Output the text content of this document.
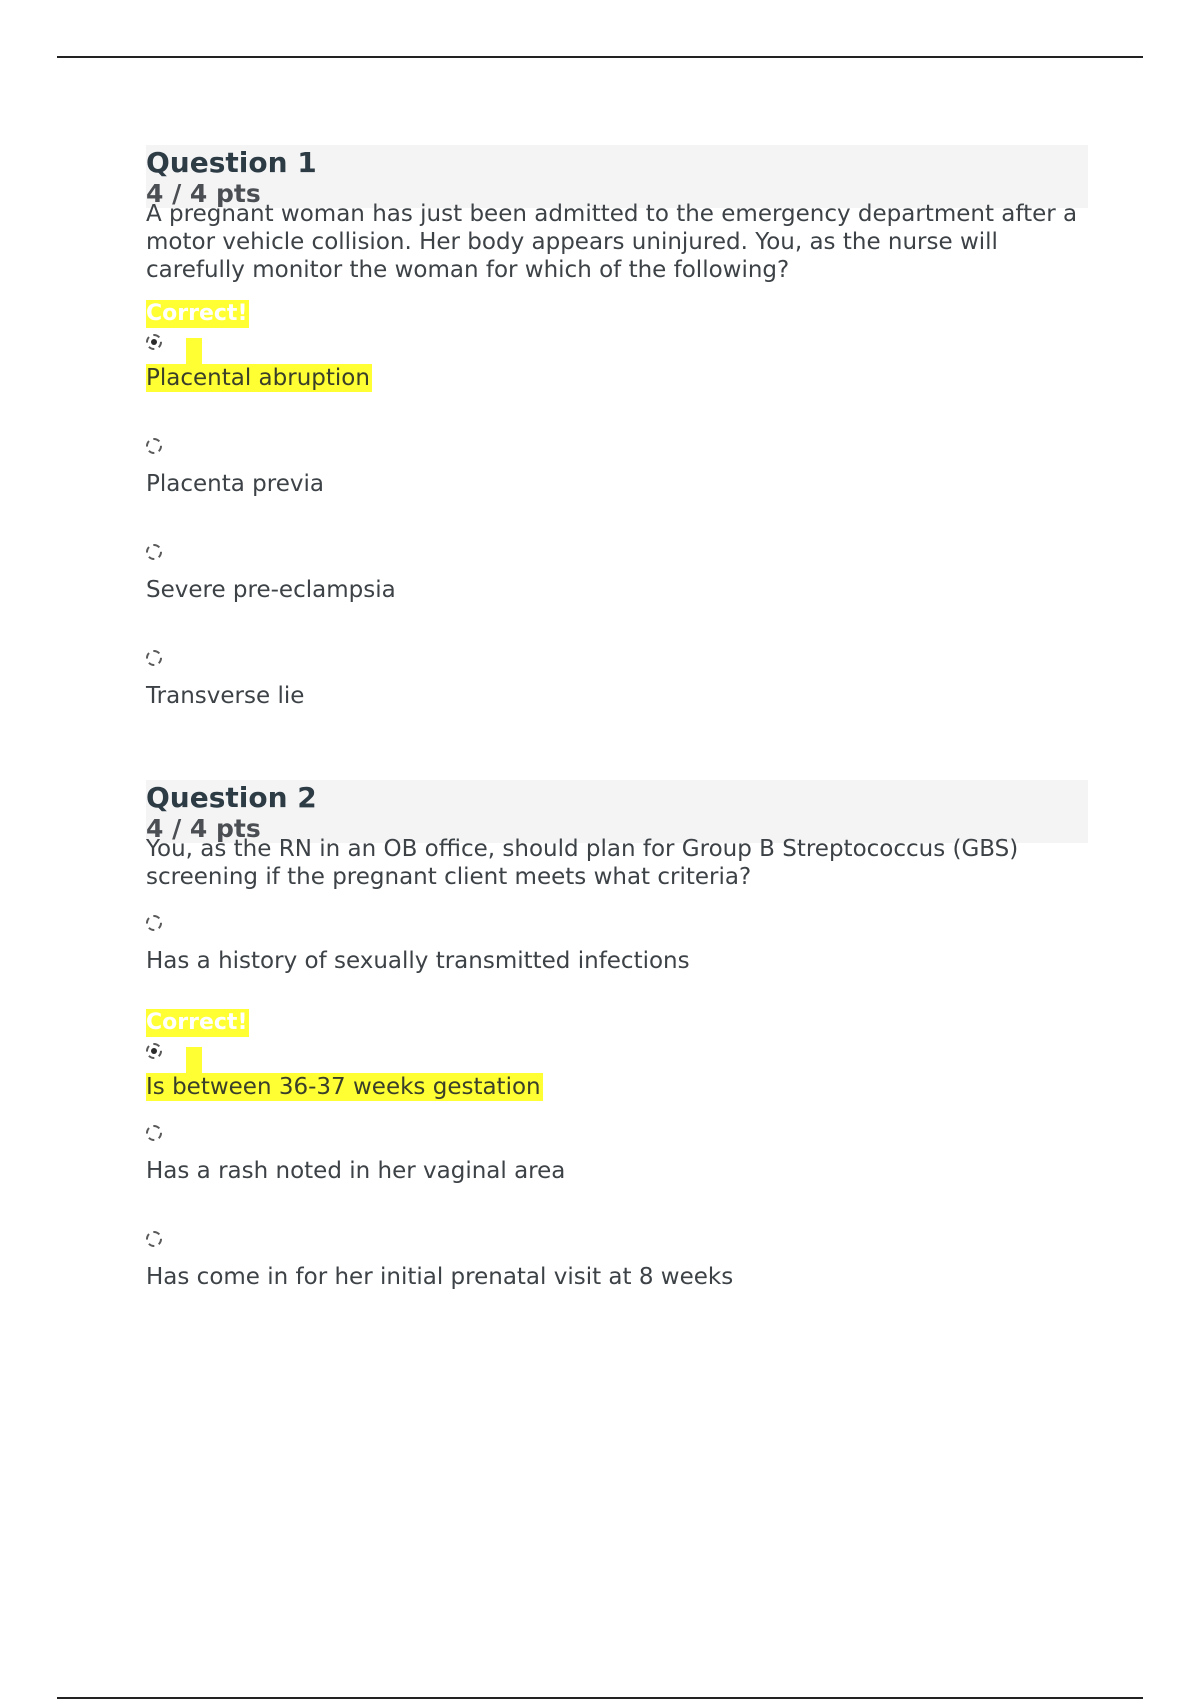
Question 1
4 / 4 pts

A pregnant woman has just been admitted to the emergency department after a motor vehicle collision. Her body appears uninjured. You, as the nurse will carefully monitor the woman for which of the following?

Correct!
Placental abruption
Placenta previa
Severe pre-eclampsia
Transverse lie
Question 2
4 / 4 pts

You, as the RN in an OB office, should plan for Group B Streptococcus (GBS) screening if the pregnant client meets what criteria?

Has a history of sexually transmitted infections
Correct!
Is between 36-37 weeks gestation
Has a rash noted in her vaginal area
Has come in for her initial prenatal visit at 8 weeks
